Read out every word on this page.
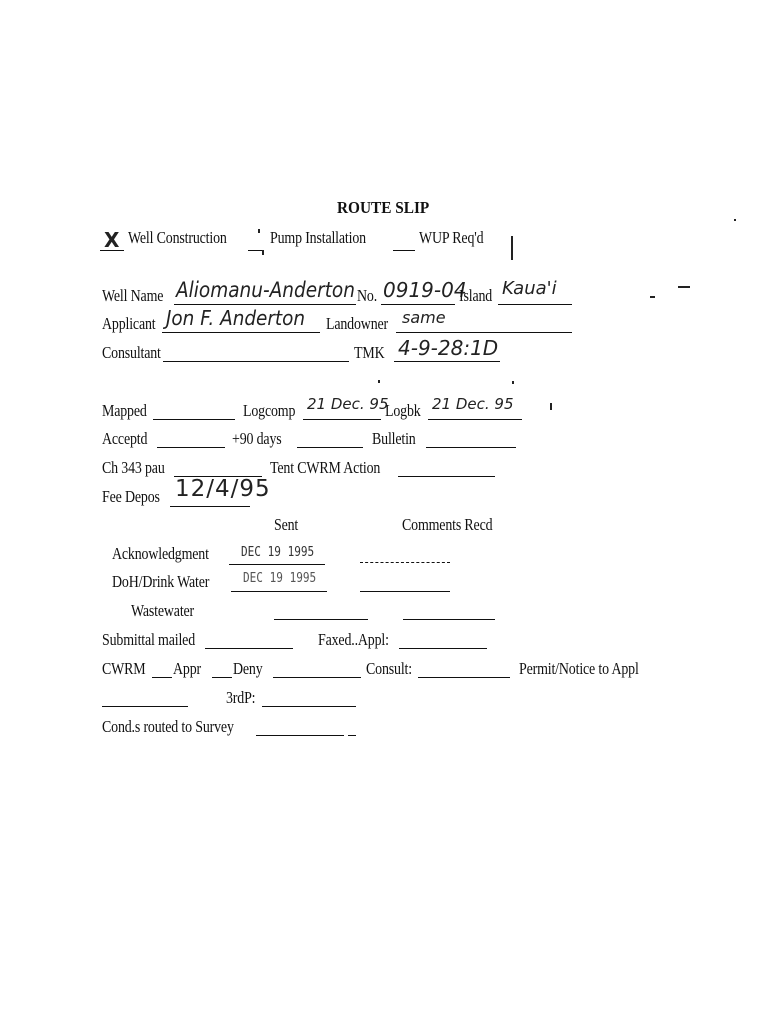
ROUTE SLIP
X Well Construction	Pump Installation	WUP Req'd
Well Name Aliomanu-Anderton No. 0919-04
Island Kaua'i
Applicant Jon F. Anderton Landowner same
Consultant	TMK 4-9-28:1D
Mapped	Logcomp 21 Dec. 95
Logbk 21 Dec. 95
Acceptd	+90 days	Bulletin
Ch 343 pau	Tent CWRM Action
Fee Depos 12/4/95
Sent	Comments Recd
Acknowledgment DEC 19 1995
DoH/Drink Water	DEC 19 1995
Wastewater
Submittal mailed	Faxed..Appl:
CWRM Appr Deny	Consult:	Permit/Notice to Appl
3rdP:
Cond.s routed to Survey
